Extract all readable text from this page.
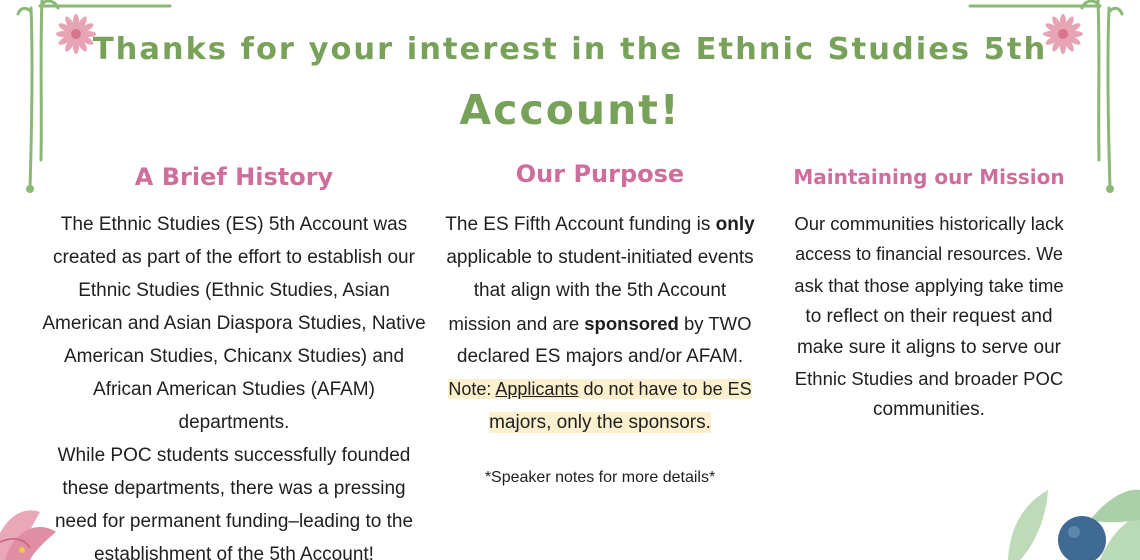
Thanks for your interest in the Ethnic Studies 5th
Account!
A Brief History
The Ethnic Studies (ES) 5th Account was
created as part of the effort to establish our
Ethnic Studies (Ethnic Studies, Asian
American and Asian Diaspora Studies, Native
American Studies, Chicanx Studies) and
African American Studies (AFAM)
departments.
While POC students successfully founded
these departments, there was a pressing
need for permanent funding–leading to the
establishment of the 5th Account!
Our Purpose
The ES Fifth Account funding is only
applicable to student-initiated events
that align with the 5th Account
mission and are sponsored by TWO
declared ES majors and/or AFAM.
Note: Applicants do not have to be ES
majors, only the sponsors.
*Speaker notes for more details*
Maintaining our Mission
Our communities historically lack
access to financial resources. We
ask that those applying take time
to reflect on their request and
make sure it aligns to serve our
Ethnic Studies and broader POC
communities.
